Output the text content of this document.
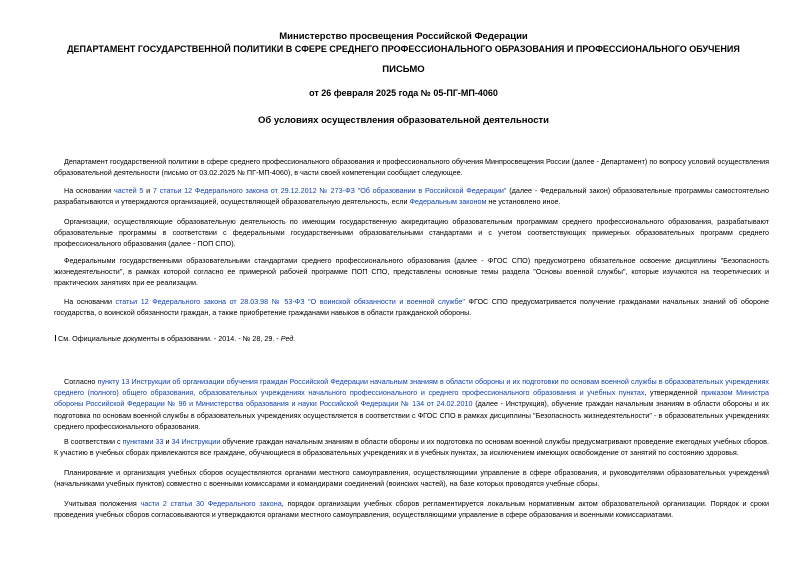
Министерство просвещения Российской Федерации

ДЕПАРТАМЕНТ ГОСУДАРСТВЕННОЙ ПОЛИТИКИ В СФЕРЕ СРЕДНЕГО ПРОФЕССИОНАЛЬНОГО ОБРАЗОВАНИЯ И ПРОФЕССИОНАЛЬНОГО ОБУЧЕНИЯ

ПИСЬМО

от 26 февраля 2025 года № 05-ПГ-МП-4060

Об условиях осуществления образовательной деятельности

Департамент государственной политики в сфере среднего профессионального образования и профессионального обучения Минпросвещения России (далее - Департамент) по вопросу условий осуществления образовательной деятельности (письмо от 03.02.2025 № ПГ-МП-4060), в части своей компетенции сообщает следующее.

На основании частей 5 и 7 статьи 12 Федерального закона от 29.12.2012 № 273-ФЗ "Об образовании в Российской Федерации" (далее - Федеральный закон) образовательные программы самостоятельно разрабатываются и утверждаются организацией, осуществляющей образовательную деятельность, если Федеральным законом не установлено иное.

Организации, осуществляющие образовательную деятельность по имеющим государственную аккредитацию образовательным программам среднего профессионального образования, разрабатывают образовательные программы в соответствии с федеральными государственными образовательными стандартами и с учетом соответствующих примерных образовательных программ среднего профессионального образования (далее - ПОП СПО).

Федеральными государственными образовательными стандартами среднего профессионального образования (далее - ФГОС СПО) предусмотрено обязательное освоение дисциплины "Безопасность жизнедеятельности", в рамках которой согласно ее примерной рабочей программе ПОП СПО, представлены основные темы раздела "Основы военной службы", которые изучаются на теоретических и практических занятиях при ее реализации.

На основании статьи 12 Федерального закона от 28.03.98 № 53-ФЗ "О воинской обязанности и военной службе" ФГОС СПО предусматривается получение гражданами начальных знаний об обороне государства, о воинской обязанности граждан, а также приобретение гражданами навыков в области гражданской обороны.

См. Официальные документы в образовании. - 2014. - № 28, 29. - Ред.

Согласно пункту 13 Инструкции об организации обучения граждан Российской Федерации начальным знаниям в области обороны и их подготовки по основам военной службы в образовательных учреждениях среднего (полного) общего образования, образовательных учреждениях начального профессионального и среднего профессионального образования и учебных пунктах, утвержденной приказом Министра обороны Российской Федерации № 96 и Министерства образования и науки Российской Федерации № 134 от 24.02.2010 (далее - Инструкция), обучение граждан начальным знаниям в области обороны и их подготовка по основам военной службы в образовательных учреждениях осуществляется в соответствии с ФГОС СПО в рамках дисциплины "Безопасность жизнедеятельности" - в образовательных учреждениях среднего профессионального образования.

В соответствии с пунктами 33 и 34 Инструкции обучение граждан начальным знаниям в области обороны и их подготовка по основам военной службы предусматривают проведение ежегодных учебных сборов. К участию в учебных сборах привлекаются все граждане, обучающиеся в образовательных учреждениях и в учебных пунктах, за исключением имеющих освобождение от занятий по состоянию здоровья.

Планирование и организация учебных сборов осуществляются органами местного самоуправления, осуществляющими управление в сфере образования, и руководителями образовательных учреждений (начальниками учебных пунктов) совместно с военными комиссарами и командирами соединений (воинских частей), на базе которых проводятся учебные сборы.

Учитывая положения части 2 статьи 30 Федерального закона, порядок организации учебных сборов регламентируется локальным нормативным актом образовательной организации. Порядок и сроки проведения учебных сборов согласовываются и утверждаются органами местного самоуправления, осуществляющими управление в сфере образования и военными комиссариатами.
